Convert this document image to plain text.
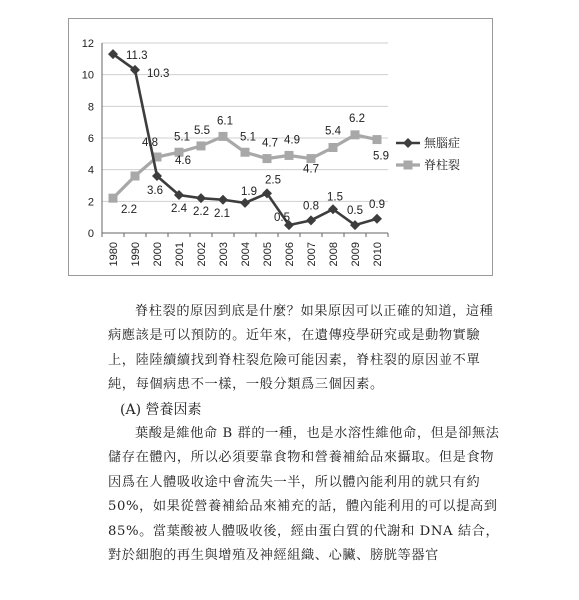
0
2
4
6
8
10
12
1980 1990 2000 2001 2002 2003 2004 2005 2006 2007 2008 2009 2010
11.3
10.3
3.6
2.4 2.2 2.1
1.9
2.5
0.5
0.8
1.5
0.5
0.9
2.2
4.8 5.1
5.5
6.1
5.1
4.7 4.9
4.7
5.4
6.2
5.9
4.6
無腦症
脊柱裂

脊柱裂的原因到底是什麼？如果原因可以正確的知道，這種病應該是可以預防的。近年來，在遺傳疫學研究或是動物實驗上，陸陸續續找到脊柱裂危險可能因素，脊柱裂的原因並不單純，每個病患不一樣，一般分類爲三個因素。

(A) 營養因素

葉酸是維他命 B 群的一種，也是水溶性維他命，但是卻無法儲存在體內，所以必須要靠食物和營養補給品來攝取。但是食物因爲在人體吸收途中會流失一半，所以體內能利用的就只有約 50%，如果從營養補給品來補充的話，體內能利用的可以提高到 85%。當葉酸被人體吸收後，經由蛋白質的代謝和 DNA 結合，對於細胞的再生與增殖及神經組織、心臟、膀胱等器官
